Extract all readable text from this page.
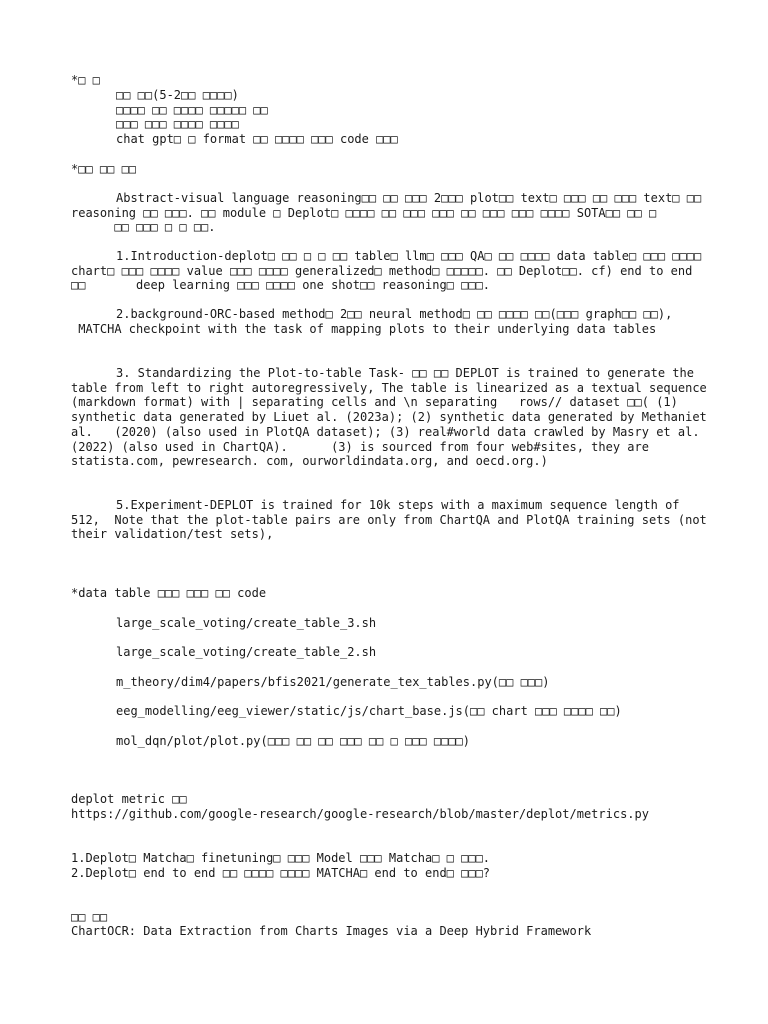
*□ □
□□ □□(5-2□□ □□□□)
□□□□ □□ □□□□ □□□□□ □□
□□□ □□□ □□□□ □□□□
chat gpt□ □ format □□ □□□□ □□□ code □□□
*□□ □□ □□
Abstract-visual language reasoning□□ □□ □□□ 2□□□ plot□□ text□ □□□ □□ □□□ text□ □□ reasoning □□ □□□. □□ module □ Deplot□ □□□□ □□ □□□ □□□ □□ □□□ □□□ □□□□ SOTA□□ □□ □       □□ □□□ □ □ □□.
1.Introduction-deplot□ □□ □ □ □□ table□ llm□ □□□ QA□ □□ □□□□ data table□ □□□ □□□□ chart□ □□□ □□□□ value □□□ □□□□ generalized□ method□ □□□□□. □□ Deplot□□. cf) end to end □□       deep learning □□□ □□□□ one shot□□ reasoning□ □□□.
2.background-ORC-based method□ 2□□ neural method□ □□ □□□□ □□(□□□ graph□□ □□),  MATCHA checkpoint with the task of mapping plots to their underlying data tables
3. Standardizing the Plot-to-table Task- □□ □□ DEPLOT is trained to generate the table from left to right autoregressively, The table is linearized as a textual sequence (markdown format) with | separating cells and \n separating   rows// dataset □□( (1) synthetic data generated by Liuet al. (2023a); (2) synthetic data generated by Methaniet al.   (2020) (also used in PlotQA dataset); (3) real#world data crawled by Masry et al. (2022) (also used in ChartQA).      (3) is sourced from four web#sites, they are statista.com, pewresearch. com, ourworldindata.org, and oecd.org.)
5.Experiment-DEPLOT is trained for 10k steps with a maximum sequence length of 512,  Note that the plot-table pairs are only from ChartQA and PlotQA training sets (not their validation/test sets),
*data table □□□ □□□ □□ code
large_scale_voting/create_table_3.sh
large_scale_voting/create_table_2.sh
m_theory/dim4/papers/bfis2021/generate_tex_tables.py(□□ □□□)
eeg_modelling/eeg_viewer/static/js/chart_base.js(□□ chart □□□ □□□□ □□)
mol_dqn/plot/plot.py(□□□ □□ □□ □□□ □□ □ □□□ □□□□)
deplot metric □□
https://github.com/google-research/google-research/blob/master/deplot/metrics.py
1.Deplot□ Matcha□ finetuning□ □□□ Model □□□ Matcha□ □ □□□.
2.Deplot□ end to end □□ □□□□ □□□□ MATCHA□ end to end□ □□□?
□□ □□
ChartOCR: Data Extraction from Charts Images via a Deep Hybrid Framework
